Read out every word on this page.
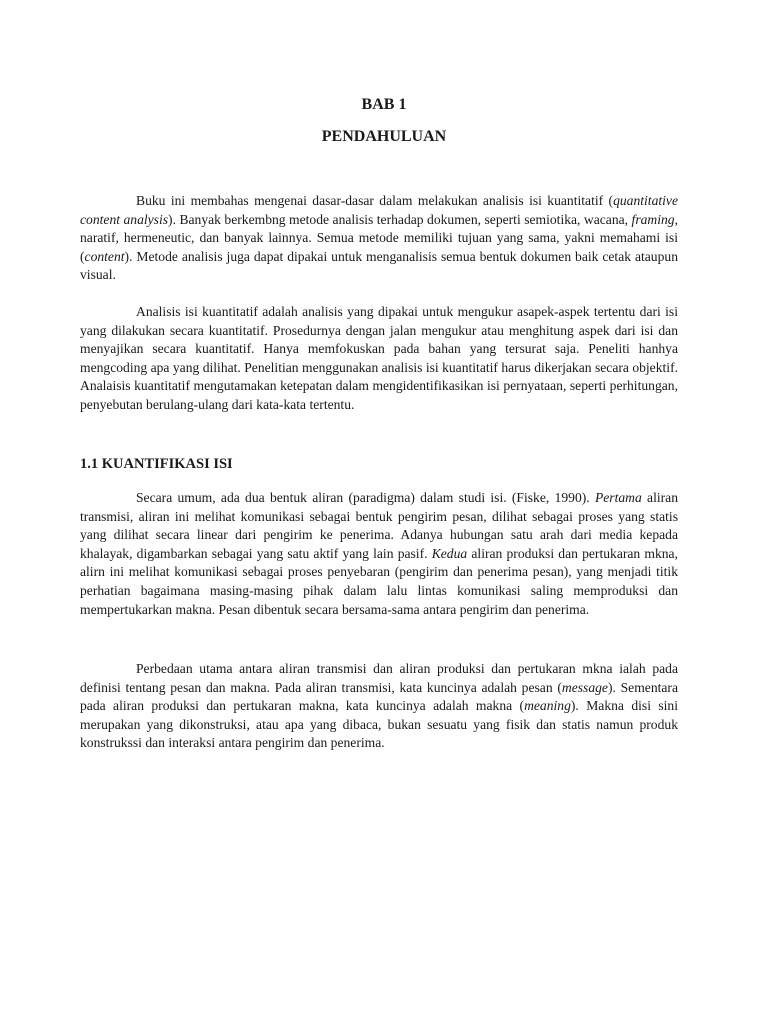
BAB 1
PENDAHULUAN

Buku ini membahas mengenai dasar-dasar dalam melakukan analisis isi kuantitatif (quantitative content analysis). Banyak berkembng metode analisis terhadap dokumen, seperti semiotika, wacana, framing, naratif, hermeneutic, dan banyak lainnya. Semua metode memiliki tujuan yang sama, yakni memahami isi (content). Metode analisis juga dapat dipakai untuk menganalisis semua bentuk dokumen baik cetak ataupun visual.

Analisis isi kuantitatif adalah analisis yang dipakai untuk mengukur asapek-aspek tertentu dari isi yang dilakukan secara kuantitatif. Prosedurnya dengan jalan mengukur atau menghitung aspek dari isi dan menyajikan secara kuantitatif. Hanya memfokuskan pada bahan yang tersurat saja. Peneliti hanhya mengcoding apa yang dilihat. Penelitian menggunakan analisis isi kuantitatif harus dikerjakan secara objektif. Analaisis kuantitatif mengutamakan ketepatan dalam mengidentifikasikan isi pernyataan, seperti perhitungan, penyebutan berulang-ulang dari kata-kata tertentu.

1.1 KUANTIFIKASI ISI

Secara umum, ada dua bentuk aliran (paradigma) dalam studi isi. (Fiske, 1990). Pertama aliran transmisi, aliran ini melihat komunikasi sebagai bentuk pengirim pesan, dilihat sebagai proses yang statis yang dilihat secara linear dari pengirim ke penerima. Adanya hubungan satu arah dari media kepada khalayak, digambarkan sebagai yang satu aktif yang lain pasif. Kedua aliran produksi dan pertukaran mkna, alirn ini melihat komunikasi sebagai proses penyebaran (pengirim dan penerima pesan), yang menjadi titik perhatian bagaimana masing-masing pihak dalam lalu lintas komunikasi saling memproduksi dan mempertukarkan makna. Pesan dibentuk secara bersama-sama antara pengirim dan penerima.

Perbedaan utama antara aliran transmisi dan aliran produksi dan pertukaran mkna ialah pada definisi tentang pesan dan makna. Pada aliran transmisi, kata kuncinya adalah pesan (message). Sementara pada aliran produksi dan pertukaran makna, kata kuncinya adalah makna (meaning). Makna disi sini merupakan yang dikonstruksi, atau apa yang dibaca, bukan sesuatu yang fisik dan statis namun produk konstrukssi dan interaksi antara pengirim dan penerima.
